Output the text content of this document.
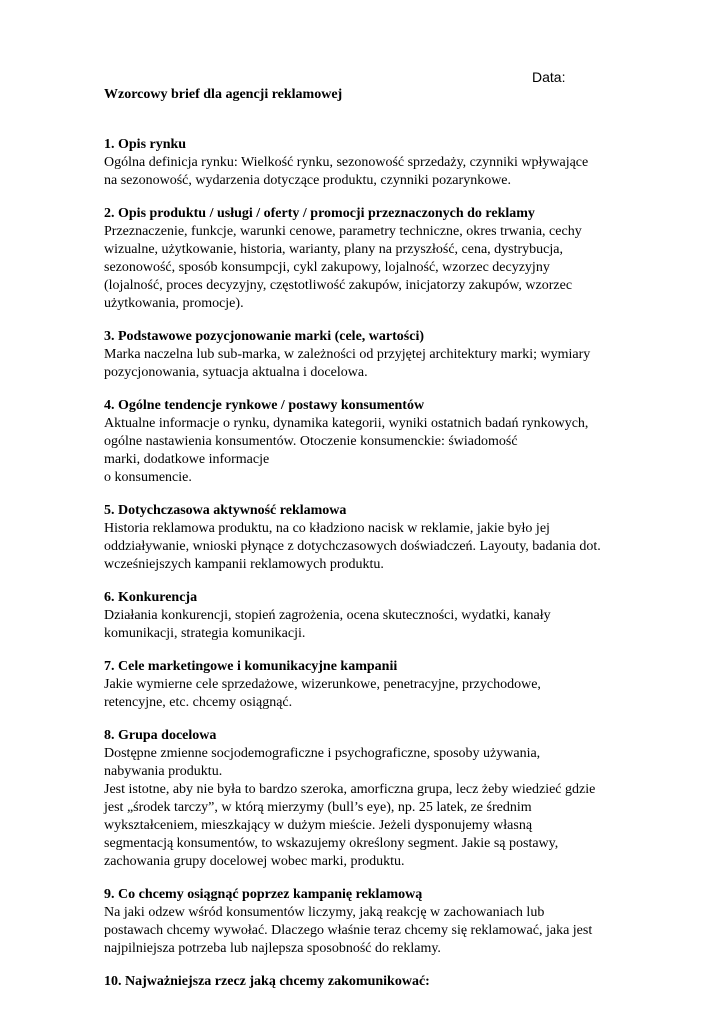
Data:
Wzorcowy brief dla agencji reklamowej
1. Opis rynku

Ogólna definicja rynku: Wielkość rynku, sezonowość sprzedaży, czynniki wpływające
na sezonowość, wydarzenia dotyczące produktu, czynniki pozarynkowe.

2. Opis produktu / usługi / oferty / promocji przeznaczonych do reklamy

Przeznaczenie, funkcje, warunki cenowe, parametry techniczne, okres trwania, cechy
wizualne, użytkowanie, historia, warianty, plany na przyszłość, cena, dystrybucja,
sezonowość, sposób konsumpcji, cykl zakupowy, lojalność, wzorzec decyzyjny
(lojalność, proces decyzyjny, częstotliwość zakupów, inicjatorzy zakupów, wzorzec
użytkowania, promocje).

3. Podstawowe pozycjonowanie marki (cele, wartości)

Marka naczelna lub sub-marka, w zależności od przyjętej architektury marki; wymiary
pozycjonowania, sytuacja aktualna i docelowa.

4. Ogólne tendencje rynkowe / postawy konsumentów

Aktualne informacje o rynku, dynamika kategorii, wyniki ostatnich badań rynkowych,
ogólne nastawienia konsumentów. Otoczenie konsumenckie: świadomość
marki, dodatkowe informacje
o konsumencie.

5. Dotychczasowa aktywność reklamowa

Historia reklamowa produktu, na co kładziono nacisk w reklamie, jakie było jej
oddziaływanie, wnioski płynące z dotychczasowych doświadczeń. Layouty, badania dot.
wcześniejszych kampanii reklamowych produktu.

6. Konkurencja

Działania konkurencji, stopień zagrożenia, ocena skuteczności, wydatki, kanały
komunikacji, strategia komunikacji.

7. Cele marketingowe i komunikacyjne kampanii

Jakie wymierne cele sprzedażowe, wizerunkowe, penetracyjne, przychodowe,
retencyjne, etc. chcemy osiągnąć.

8. Grupa docelowa

Dostępne zmienne socjodemograficzne i psychograficzne, sposoby używania,
nabywania produktu.
Jest istotne, aby nie była to bardzo szeroka, amorficzna grupa, lecz żeby wiedzieć gdzie
jest „środek tarczy”, w którą mierzymy (bull’s eye), np. 25 latek, ze średnim
wykształceniem, mieszkający w dużym mieście. Jeżeli dysponujemy własną
segmentacją konsumentów, to wskazujemy określony segment. Jakie są postawy,
zachowania grupy docelowej wobec marki, produktu.

9. Co chcemy osiągnąć poprzez kampanię reklamową

Na jaki odzew wśród konsumentów liczymy, jaką reakcję w zachowaniach lub
postawach chcemy wywołać. Dlaczego właśnie teraz chcemy się reklamować, jaka jest
najpilniejsza potrzeba lub najlepsza sposobność do reklamy.

10. Najważniejsza rzecz jaką chcemy zakomunikować:
